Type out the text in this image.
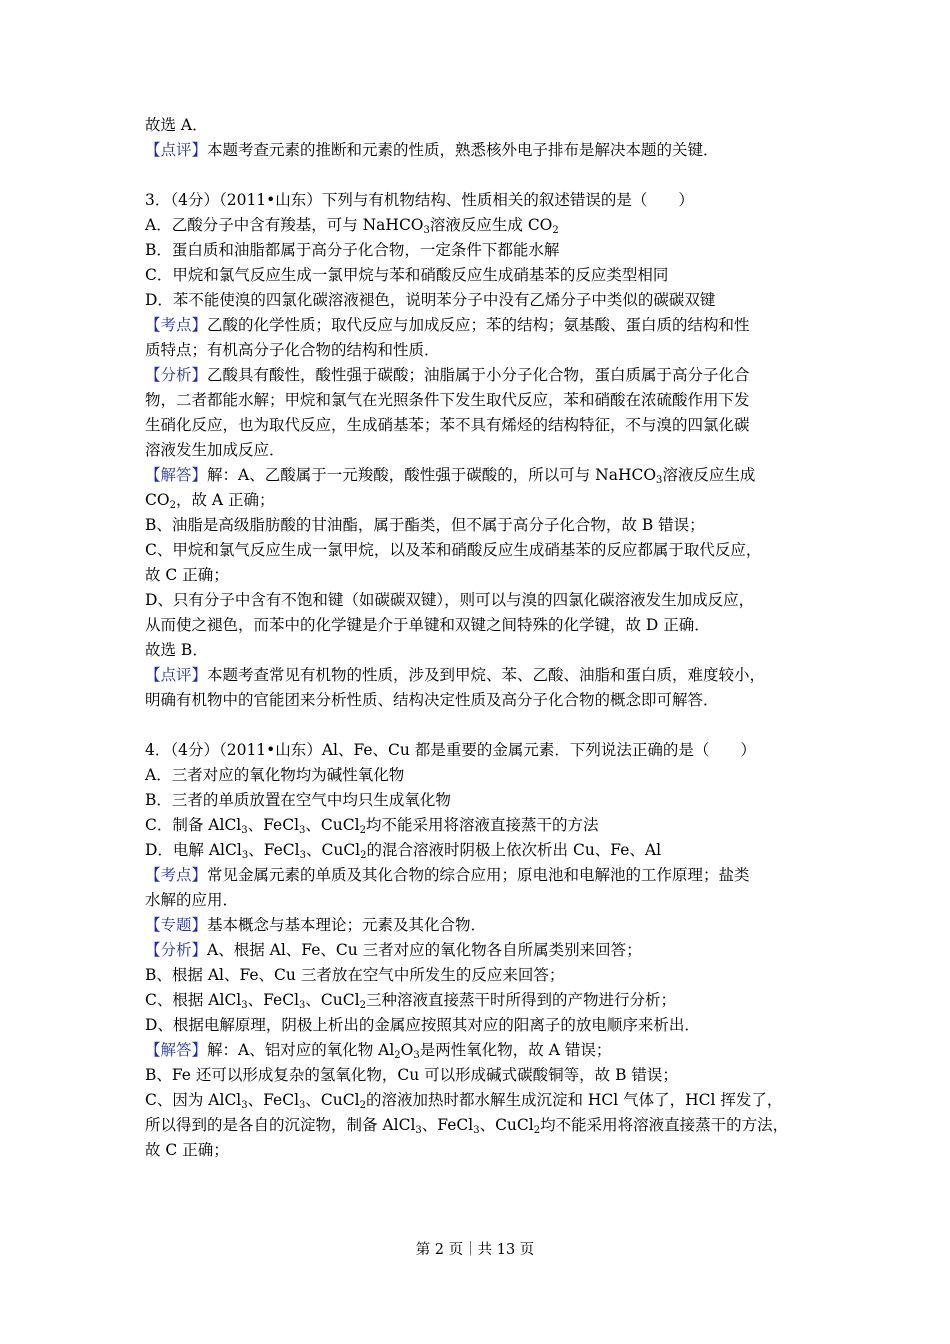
故选 A．
【点评】本题考查元素的推断和元素的性质，熟悉核外电子排布是解决本题的关键．
3．（4分）（2011•山东）下列与有机物结构、性质相关的叙述错误的是（　　）
A．乙酸分子中含有羧基，可与 NaHCO$_3$溶液反应生成 $CO_2$
B．蛋白质和油脂都属于高分子化合物，一定条件下都能水解
C．甲烷和氯气反应生成一氯甲烷与苯和硝酸反应生成硝基苯的反应类型相同
D．苯不能使溴的四氯化碳溶液褪色，说明苯分子中没有乙烯分子中类似的碳碳双键
【考点】乙酸的化学性质；取代反应与加成反应；苯的结构；氨基酸、蛋白质的结构和性
质特点；有机高分子化合物的结构和性质．
【分析】乙酸具有酸性，酸性强于碳酸；油脂属于小分子化合物，蛋白质属于高分子化合
物，二者都能水解；甲烷和氯气在光照条件下发生取代反应，苯和硝酸在浓硫酸作用下发
生硝化反应，也为取代反应，生成硝基苯；苯不具有烯烃的结构特征，不与溴的四氯化碳
溶液发生加成反应．
【解答】解：A、乙酸属于一元羧酸，酸性强于碳酸的，所以可与 NaHCO$_3$溶液反应生成
$CO_2$，故 A 正确；
B、油脂是高级脂肪酸的甘油酯，属于酯类，但不属于高分子化合物，故 B 错误；
C、甲烷和氯气反应生成一氯甲烷，以及苯和硝酸反应生成硝基苯的反应都属于取代反应，
故 C 正确；
D、只有分子中含有不饱和键（如碳碳双键），则可以与溴的四氯化碳溶液发生加成反应，
从而使之褪色，而苯中的化学键是介于单键和双键之间特殊的化学键，故 D 正确．
故选 B．
【点评】本题考查常见有机物的性质，涉及到甲烷、苯、乙酸、油脂和蛋白质，难度较小，
明确有机物中的官能团来分析性质、结构决定性质及高分子化合物的概念即可解答．
4．（4分）（2011•山东）Al、Fe、Cu 都是重要的金属元素．下列说法正确的是（　　）
A．三者对应的氧化物均为碱性氧化物
B．三者的单质放置在空气中均只生成氧化物
C．制备 AlCl$_3$、FeCl$_3$、CuCl$_2$均不能采用将溶液直接蒸干的方法
D．电解 AlCl$_3$、FeCl$_3$、CuCl$_2$的混合溶液时阴极上依次析出 Cu、Fe、Al
【考点】常见金属元素的单质及其化合物的综合应用；原电池和电解池的工作原理；盐类
水解的应用．
【专题】基本概念与基本理论；元素及其化合物．
【分析】A、根据 Al、Fe、Cu 三者对应的氧化物各自所属类别来回答；
B、根据 Al、Fe、Cu 三者放在空气中所发生的反应来回答；
C、根据 AlCl$_3$、FeCl$_3$、CuCl$_2$三种溶液直接蒸干时所得到的产物进行分析；
D、根据电解原理，阴极上析出的金属应按照其对应的阳离子的放电顺序来析出．
【解答】解：A、铝对应的氧化物 $Al_2O_3$是两性氧化物，故 A 错误；
B、Fe 还可以形成复杂的氢氧化物，Cu 可以形成碱式碳酸铜等，故 B 错误；
C、因为 AlCl$_3$、FeCl$_3$、CuCl$_2$的溶液加热时都水解生成沉淀和 HCl 气体了，HCl 挥发了，
所以得到的是各自的沉淀物，制备 AlCl$_3$、FeCl$_3$、CuCl$_2$均不能采用将溶液直接蒸干的方法，
故 C 正确；
第 2 页｜共 13 页
